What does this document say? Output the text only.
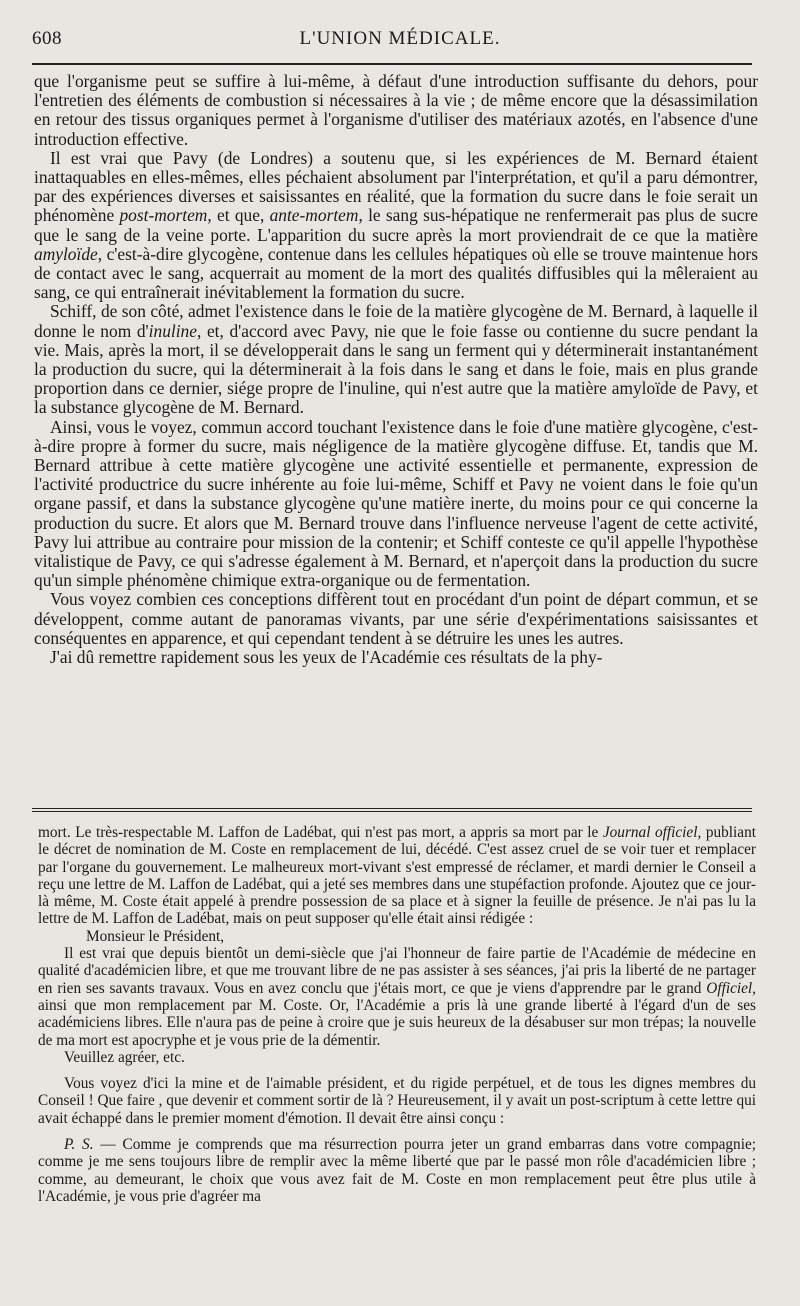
608	L'UNION MÉDICALE.

que l'organisme peut se suffire à lui-même, à défaut d'une introduction suffisante du dehors, pour l'entretien des éléments de combustion si nécessaires à la vie ; de même encore que la désassimilation en retour des tissus organiques permet à l'organisme d'utiliser des matériaux azotés, en l'absence d'une introduction effective.

Il est vrai que Pavy (de Londres) a soutenu que, si les expériences de M. Bernard étaient inattaquables en elles-mêmes, elles péchaient absolument par l'interprétation, et qu'il a paru démontrer, par des expériences diverses et saisissantes en réalité, que la formation du sucre dans le foie serait un phénomène post-mortem, et que, ante-mortem, le sang sus-hépatique ne renfermerait pas plus de sucre que le sang de la veine porte. L'apparition du sucre après la mort proviendrait de ce que la matière amyloïde, c'est-à-dire glycogène, contenue dans les cellules hépatiques où elle se trouve maintenue hors de contact avec le sang, acquerrait au moment de la mort des qualités diffusibles qui la mêleraient au sang, ce qui entraînerait inévitablement la formation du sucre.

Schiff, de son côté, admet l'existence dans le foie de la matière glycogène de M. Bernard, à laquelle il donne le nom d'inuline, et, d'accord avec Pavy, nie que le foie fasse ou contienne du sucre pendant la vie. Mais, après la mort, il se développerait dans le sang un ferment qui y déterminerait instantanément la production du sucre, qui la déterminerait à la fois dans le sang et dans le foie, mais en plus grande proportion dans ce dernier, siége propre de l'inuline, qui n'est autre que la matière amyloïde de Pavy, et la substance glycogène de M. Bernard.

Ainsi, vous le voyez, commun accord touchant l'existence dans le foie d'une matière glycogène, c'est-à-dire propre à former du sucre, mais négligence de la matière glycogène diffuse. Et, tandis que M. Bernard attribue à cette matière glycogène une activité essentielle et permanente, expression de l'activité productrice du sucre inhérente au foie lui-même, Schiff et Pavy ne voient dans le foie qu'un organe passif, et dans la substance glycogène qu'une matière inerte, du moins pour ce qui concerne la production du sucre. Et alors que M. Bernard trouve dans l'influence nerveuse l'agent de cette activité, Pavy lui attribue au contraire pour mission de la contenir; et Schiff conteste ce qu'il appelle l'hypothèse vitalistique de Pavy, ce qui s'adresse également à M. Bernard, et n'aperçoit dans la production du sucre qu'un simple phénomène chimique extra-organique ou de fermentation.

Vous voyez combien ces conceptions diffèrent tout en procédant d'un point de départ commun, et se développent, comme autant de panoramas vivants, par une série d'expérimentations saisissantes et conséquentes en apparence, et qui cependant tendent à se détruire les unes les autres.

J'ai dû remettre rapidement sous les yeux de l'Académie ces résultats de la phy-

mort. Le très-respectable M. Laffon de Ladébat, qui n'est pas mort, a appris sa mort par le Journal officiel, publiant le décret de nomination de M. Coste en remplacement de lui, décédé. C'est assez cruel de se voir tuer et remplacer par l'organe du gouvernement. Le malheureux mort-vivant s'est empressé de réclamer, et mardi dernier le Conseil a reçu une lettre de M. Laffon de Ladébat, qui a jeté ses membres dans une stupéfaction profonde. Ajoutez que ce jour-là même, M. Coste était appelé à prendre possession de sa place et à signer la feuille de présence. Je n'ai pas lu la lettre de M. Laffon de Ladébat, mais on peut supposer qu'elle était ainsi rédigée :

Monsieur le Président,

Il est vrai que depuis bientôt un demi-siècle que j'ai l'honneur de faire partie de l'Académie de médecine en qualité d'académicien libre, et que me trouvant libre de ne pas assister à ses séances, j'ai pris la liberté de ne partager en rien ses savants travaux. Vous en avez conclu que j'étais mort, ce que je viens d'apprendre par le grand Officiel, ainsi que mon remplacement par M. Coste. Or, l'Académie a pris là une grande liberté à l'égard d'un de ses académiciens libres. Elle n'aura pas de peine à croire que je suis heureux de la désabuser sur mon trépas; la nouvelle de ma mort est apocryphe et je vous prie de la démentir.

Veuillez agréer, etc.

Vous voyez d'ici la mine et de l'aimable président, et du rigide perpétuel, et de tous les dignes membres du Conseil ! Que faire , que devenir et comment sortir de là ? Heureusement, il y avait un post-scriptum à cette lettre qui avait échappé dans le premier moment d'émotion. Il devait être ainsi conçu :

P. S. — Comme je comprends que ma résurrection pourra jeter un grand embarras dans votre compagnie; comme je me sens toujours libre de remplir avec la même liberté que par le passé mon rôle d'académicien libre ; comme, au demeurant, le choix que vous avez fait de M. Coste en mon remplacement peut être plus utile à l'Académie, je vous prie d'agréer ma
